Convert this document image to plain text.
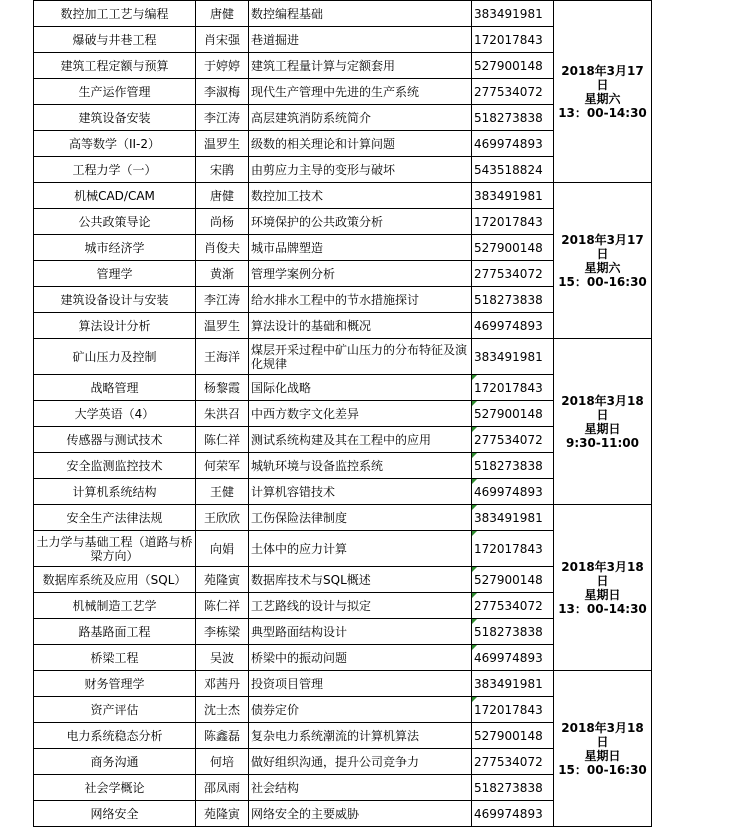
数控加工工艺与编程	唐健	数控编程基础	383491981	2018年3月17日
星期六
13：00-14:30

爆破与井巷工程	肖宋强	巷道掘进	172017843	
建筑工程定额与预算	于婷婷	建筑工程量计算与定额套用	527900148	
生产运作管理	李淑梅	现代生产管理中先进的生产系统	277534072	
建筑设备安装	李江涛	高层建筑消防系统简介	518273838	
高等数学（II-2）	温罗生	级数的相关理论和计算问题	469974893	
工程力学（一）	宋鹃	由剪应力主导的变形与破坏	543518824	
机械CAD/CAM	唐健	数控加工技术	383491981	2018年3月17日
星期六
15：00-16:30

公共政策导论	尚杨	环境保护的公共政策分析	172017843	
城市经济学	肖俊夫	城市品牌塑造	527900148	
管理学	黄渐	管理学案例分析	277534072	
建筑设备设计与安装	李江涛	给水排水工程中的节水措施探讨	518273838	
算法设计分析	温罗生	算法设计的基础和概况	469974893	
矿山压力及控制	王海洋	煤层开采过程中矿山压力的分布特征及演化规律	383491981	2018年3月18日
星期日
9:30-11:00

战略管理	杨黎霞	国际化战略	172017843	
大学英语（4）	朱洪召	中西方数字文化差异	527900148	
传感器与测试技术	陈仁祥	测试系统构建及其在工程中的应用	277534072	
安全监测监控技术	何荣军	城轨环境与设备监控系统	518273838	
计算机系统结构	王健	计算机容错技术	469974893	
安全生产法律法规	王欣欣	工伤保险法律制度	383491981	2018年3月18日
星期日
13：00-14:30

土力学与基础工程（道路与桥梁方向）	向娟	土体中的应力计算	172017843	
数据库系统及应用（SQL）	苑隆寅	数据库技术与SQL概述	527900148	
机械制造工艺学	陈仁祥	工艺路线的设计与拟定	277534072	
路基路面工程	李栋梁	典型路面结构设计	518273838	
桥梁工程	吴波	桥梁中的振动问题	469974893	
财务管理学	邓茜丹	投资项目管理	383491981	2018年3月18日
星期日
15：00-16:30

资产评估	沈士杰	债券定价	172017843	
电力系统稳态分析	陈鑫磊	复杂电力系统潮流的计算机算法	527900148	
商务沟通	何培	做好组织沟通，提升公司竞争力	277534072	
社会学概论	邵凤雨	社会结构	518273838	
网络安全	苑隆寅	网络安全的主要威胁	469974893	
